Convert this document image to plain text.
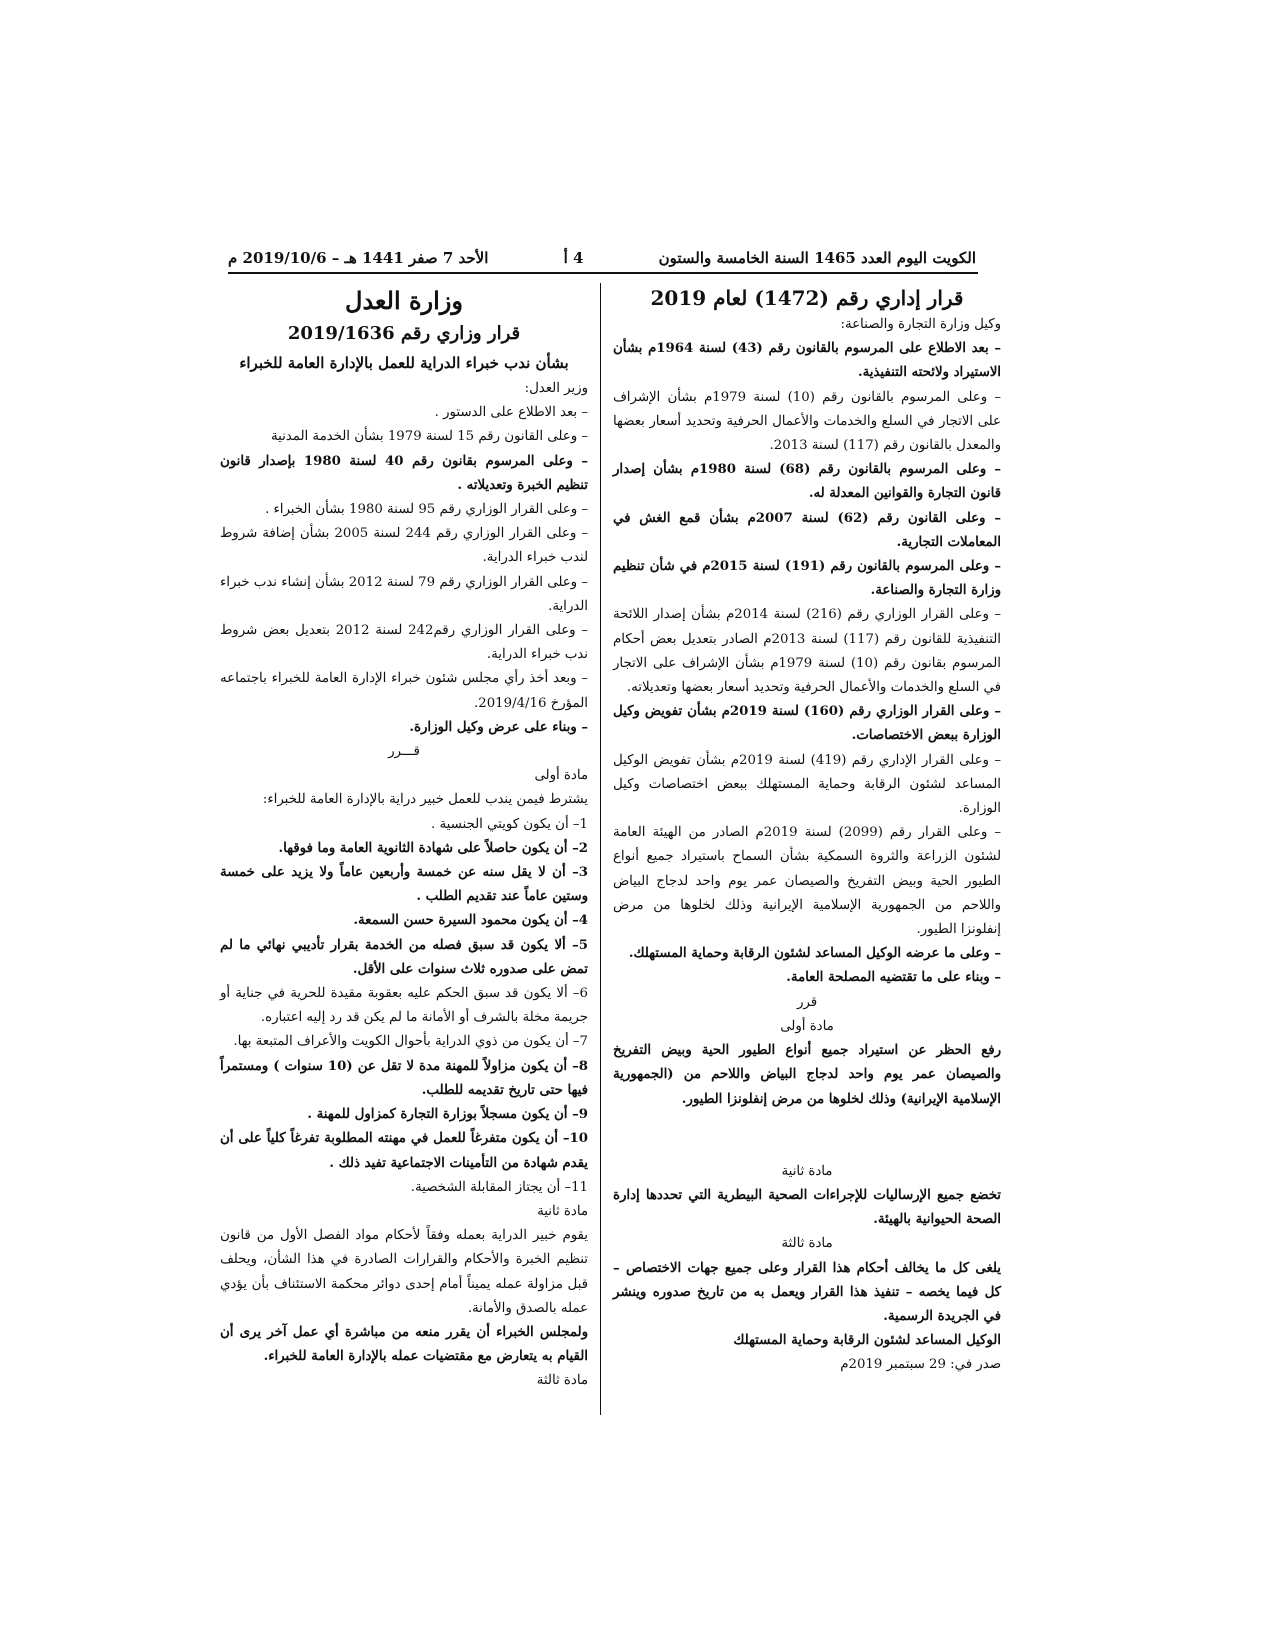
الكويت اليوم العدد 1465 السنة الخامسة والستون
4 أ
الأحد 7 صفر 1441 هـ – 2019/10/6 م

قرار إداري رقم (1472) لعام 2019

وكيل وزارة التجارة والصناعة:

– بعد الاطلاع على المرسوم بالقانون رقم (43) لسنة 1964م بشأن الاستيراد ولائحته التنفيذية.

– وعلى المرسوم بالقانون رقم (10) لسنة 1979م بشأن الإشراف على الاتجار في السلع والخدمات والأعمال الحرفية وتحديد أسعار بعضها والمعدل بالقانون رقم (117) لسنة 2013.

– وعلى المرسوم بالقانون رقم (68) لسنة 1980م بشأن إصدار قانون التجارة والقوانين المعدلة له.

– وعلى القانون رقم (62) لسنة 2007م بشأن قمع الغش في المعاملات التجارية.

– وعلى المرسوم بالقانون رقم (191) لسنة 2015م في شأن تنظيم وزارة التجارة والصناعة.

– وعلى القرار الوزاري رقم (216) لسنة 2014م بشأن إصدار اللائحة التنفيذية للقانون رقم (117) لسنة 2013م الصادر بتعديل بعض أحكام المرسوم بقانون رقم (10) لسنة 1979م بشأن الإشراف على الاتجار في السلع والخدمات والأعمال الحرفية وتحديد أسعار بعضها وتعديلاته.

– وعلى القرار الوزاري رقم (160) لسنة 2019م بشأن تفويض وكيل الوزارة ببعض الاختصاصات.

– وعلى القرار الإداري رقم (419) لسنة 2019م بشأن تفويض الوكيل المساعد لشئون الرقابة وحماية المستهلك ببعض اختصاصات وكيل الوزارة.

– وعلى القرار رقم (2099) لسنة 2019م الصادر من الهيئة العامة لشئون الزراعة والثروة السمكية بشأن السماح باستيراد جميع أنواع الطيور الحية وبيض التفريخ والصيصان عمر يوم واحد لدجاج البياض واللاحم من الجمهورية الإسلامية الإيرانية وذلك لخلوها من مرض إنفلونزا الطيور.

– وعلى ما عرضه الوكيل المساعد لشئون الرقابة وحماية المستهلك.

– وبناء على ما تقتضيه المصلحة العامة.

قرر

مادة أولى

رفع الحظر عن استيراد جميع أنواع الطيور الحية وبيض التفريخ والصيصان عمر يوم واحد لدجاج البياض واللاحم من (الجمهورية الإسلامية الإيرانية) وذلك لخلوها من مرض إنفلونزا الطيور.

مادة ثانية

تخضع جميع الإرساليات للإجراءات الصحية البيطرية التي تحددها إدارة الصحة الحيوانية بالهيئة.

مادة ثالثة

يلغى كل ما يخالف أحكام هذا القرار وعلى جميع جهات الاختصاص – كل فيما يخصه – تنفيذ هذا القرار ويعمل به من تاريخ صدوره وينشر في الجريدة الرسمية.

الوكيل المساعد لشئون الرقابة وحماية المستهلك

صدر في: 29 سبتمبر 2019م

وزارة العدل

قرار وزاري رقم 2019/1636

بشأن ندب خبراء الدراية للعمل بالإدارة العامة للخبراء

وزير العدل:

– بعد الاطلاع على الدستور .

– وعلى القانون رقم 15 لسنة 1979 بشأن الخدمة المدنية

– وعلى المرسوم بقانون رقم 40 لسنة 1980 بإصدار قانون تنظيم الخبرة وتعديلاته .

– وعلى القرار الوزاري رقم 95 لسنة 1980 بشأن الخبراء .

– وعلى القرار الوزاري رقم 244 لسنة 2005 بشأن إضافة شروط لندب خبراء الدراية.

– وعلى القرار الوزاري رقم 79 لسنة 2012 بشأن إنشاء ندب خبراء الدراية.

– وعلى القرار الوزاري رقم242 لسنة 2012 بتعديل بعض شروط ندب خبراء الدراية.

– وبعد أخذ رأي مجلس شئون خبراء الإدارة العامة للخبراء باجتماعه المؤرخ 2019/4/16.

– وبناء على عرض وكيل الوزارة.

قـــرر

مادة أولى

يشترط فيمن يندب للعمل خبير دراية بالإدارة العامة للخبراء:

1– أن يكون كويتي الجنسية .

2– أن يكون حاصلاً على شهادة الثانوية العامة وما فوقها.

3– أن لا يقل سنه عن خمسة وأربعين عاماً ولا يزيد على خمسة وستين عاماً عند تقديم الطلب .

4– أن يكون محمود السيرة حسن السمعة.

5– ألا يكون قد سبق فصله من الخدمة بقرار تأديبي نهائي ما لم تمض على صدوره ثلاث سنوات على الأقل.

6– ألا يكون قد سبق الحكم عليه بعقوبة مقيدة للحرية في جناية أو جريمة مخلة بالشرف أو الأمانة ما لم يكن قد رد إليه اعتباره.

7– أن يكون من ذوي الدراية بأحوال الكويت والأعراف المتبعة بها.

8– أن يكون مزاولاً للمهنة مدة لا تقل عن (10 سنوات ) ومستمراً فيها حتى تاريخ تقديمه للطلب.

9– أن يكون مسجلاً بوزارة التجارة كمزاول للمهنة .

10– أن يكون متفرغاً للعمل في مهنته المطلوبة تفرغاً كلياً على أن يقدم شهادة من التأمينات الاجتماعية تفيد ذلك .

11– أن يجتاز المقابلة الشخصية.

مادة ثانية

يقوم خبير الدراية بعمله وفقاً لأحكام مواد الفصل الأول من قانون تنظيم الخبرة والأحكام والقرارات الصادرة في هذا الشأن، ويحلف قبل مزاولة عمله يميناً أمام إحدى دوائر محكمة الاستئناف بأن يؤدي عمله بالصدق والأمانة.

ولمجلس الخبراء أن يقرر منعه من مباشرة أي عمل آخر يرى أن القيام به يتعارض مع مقتضيات عمله بالإدارة العامة للخبراء.

مادة ثالثة
